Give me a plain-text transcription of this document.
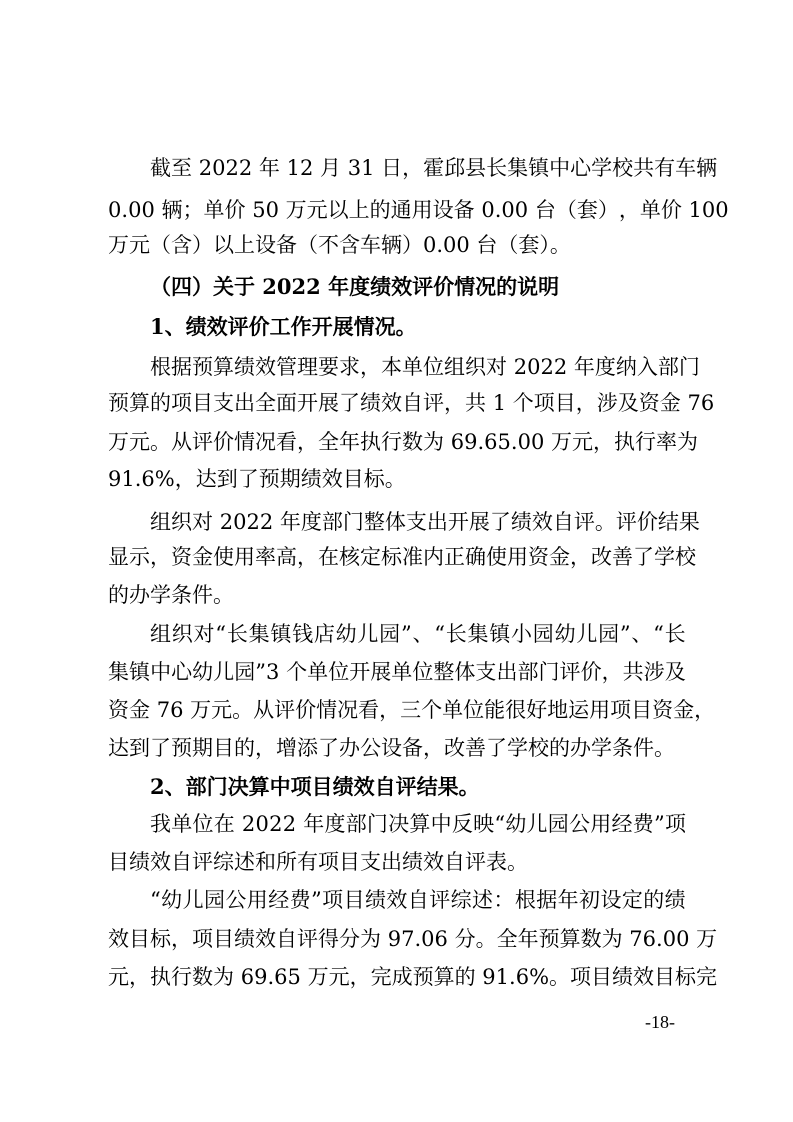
截 至
2 0 2 2
年
1 2
月
3 1
日 ， 霍 邱 县 长 集 镇 中 心 学 校 共 有 车 辆
0 . 0 0
辆 ； 单 价
5 0
万 元 以 上 的 通 用 设 备
0 . 0 0
台 （ 套 ） ， 单 价
1 0 0
万元（含）以上设备（不含车辆）0.00 台（套）。
（四）关于 2022 年度绩效评价情况的说明
1、绩效评价工作开展情况。
根 据 预 算 绩 效 管 理 要 求 ， 本 单 位 组 织 对
2 0 2 2
年 度 纳 入 部 门
预 算 的 项 目 支 出 全 面 开 展 了 绩 效 自 评 ， 共
1
个 项 目 ， 涉 及 资 金
7 6
万 元 。 从 评 价 情 况 看 ， 全 年 执 行 数 为
6 9 . 6 5 . 0 0
万 元 ， 执 行 率 为
91.6%，达到了预期绩效目标。
组 织 对
2 0 2 2
年 度 部 门 整 体 支 出 开 展 了 绩 效 自 评 。 评 价 结 果
显 示 ， 资 金 使 用 率 高 ， 在 核 定 标 准 内 正 确 使 用 资 金 ， 改 善 了 学 校
的办学条件。
组 织 对 “ 长 集 镇 钱 店 幼 儿 园 ” 、 “ 长 集 镇 小 园 幼 儿 园 ” 、 “ 长
集 镇 中 心 幼 儿 园 ” 3
个 单 位 开 展 单 位 整 体 支 出 部 门 评 价 ， 共 涉 及
资 金
7 6
万 元 。 从 评 价 情 况 看 ， 三 个 单 位 能 很 好 地 运 用 项 目 资 金 ，
达到了预期目的，增添了办公设备，改善了学校的办学条件。
2、部门决算中项目绩效自评结果。
我 单 位 在
2 0 2 2
年 度 部 门 决 算 中 反 映 “ 幼 儿 园 公 用 经 费 ” 项
目绩效自评综述和所有项目支出绩效自评表。
“ 幼 儿 园 公 用 经 费 ” 项 目 绩 效 自 评 综 述 ： 根 据 年 初 设 定 的 绩
效 目 标 ， 项 目 绩 效 自 评 得 分 为
9 7 . 0 6
分 。 全 年 预 算 数 为
7 6 . 0 0
万
元 ， 执 行 数 为
6 9 . 6 5
万 元 ， 完 成 预 算 的
9 1 . 6 % 。 项 目 绩 效 目 标 完
-18-
